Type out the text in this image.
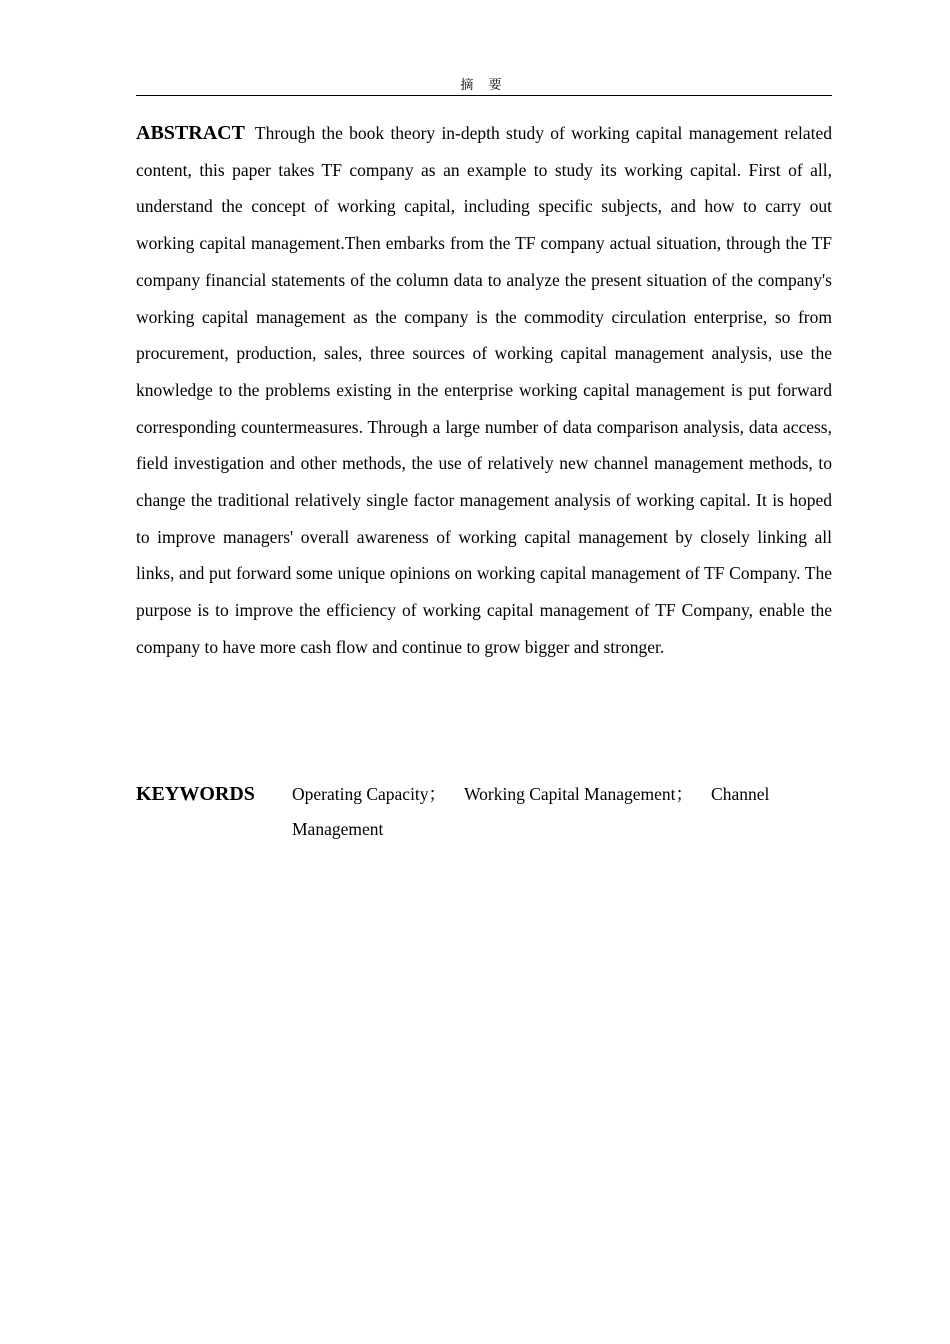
摘 要

ABSTRACT Through the book theory in-depth study of working capital management related content, this paper takes TF company as an example to study its working capital. First of all, understand the concept of working capital, including specific subjects, and how to carry out working capital management.Then embarks from the TF company actual situation, through the TF company financial statements of the column data to analyze the present situation of the company's working capital management as the company is the commodity circulation enterprise, so from procurement, production, sales, three sources of working capital management analysis, use the knowledge to the problems existing in the enterprise working capital management is put forward corresponding countermeasures. Through a large number of data comparison analysis, data access, field investigation and other methods, the use of relatively new channel management methods, to change the traditional relatively single factor management analysis of working capital. It is hoped to improve managers' overall awareness of working capital management by closely linking all links, and put forward some unique opinions on working capital management of TF Company. The purpose is to improve the efficiency of working capital management of TF Company, enable the company to have more cash flow and continue to grow bigger and stronger.

KEYWORDS Operating Capacity； Working Capital Management； Channel Management
